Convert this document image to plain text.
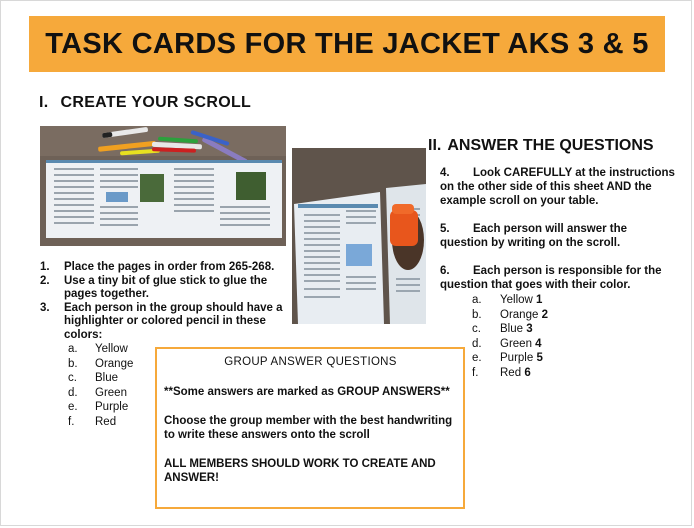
TASK CARDS FOR THE JACKET AKS 3 & 5
I. CREATE YOUR SCROLL
II. ANSWER THE QUESTIONS
1.	Place the pages in order from 265-268.
2.	Use a tiny bit of glue stick to glue the pages together.
3.	Each person in the group should have a highlighter or colored pencil in these colors:
a.	Yellow
b.	Orange
c.	Blue
d.	Green
e.	Purple
f.	Red
4. Look CAREFULLY at the instructions on the other side of this sheet AND the example scroll on your table.
5. Each person will answer the question by writing on the scroll.
6. Each person is responsible for the question that goes with their color.
a.	Yellow
1
b.	Orange
2
c.	Blue
3
d.	Green
4
e.	Purple
5
f.	Red
6
GROUP ANSWER QUESTIONS
**Some answers are marked as GROUP ANSWERS**
Choose the group member with the best handwriting to write these answers onto the scroll
ALL MEMBERS SHOULD WORK TO CREATE AND ANSWER!
